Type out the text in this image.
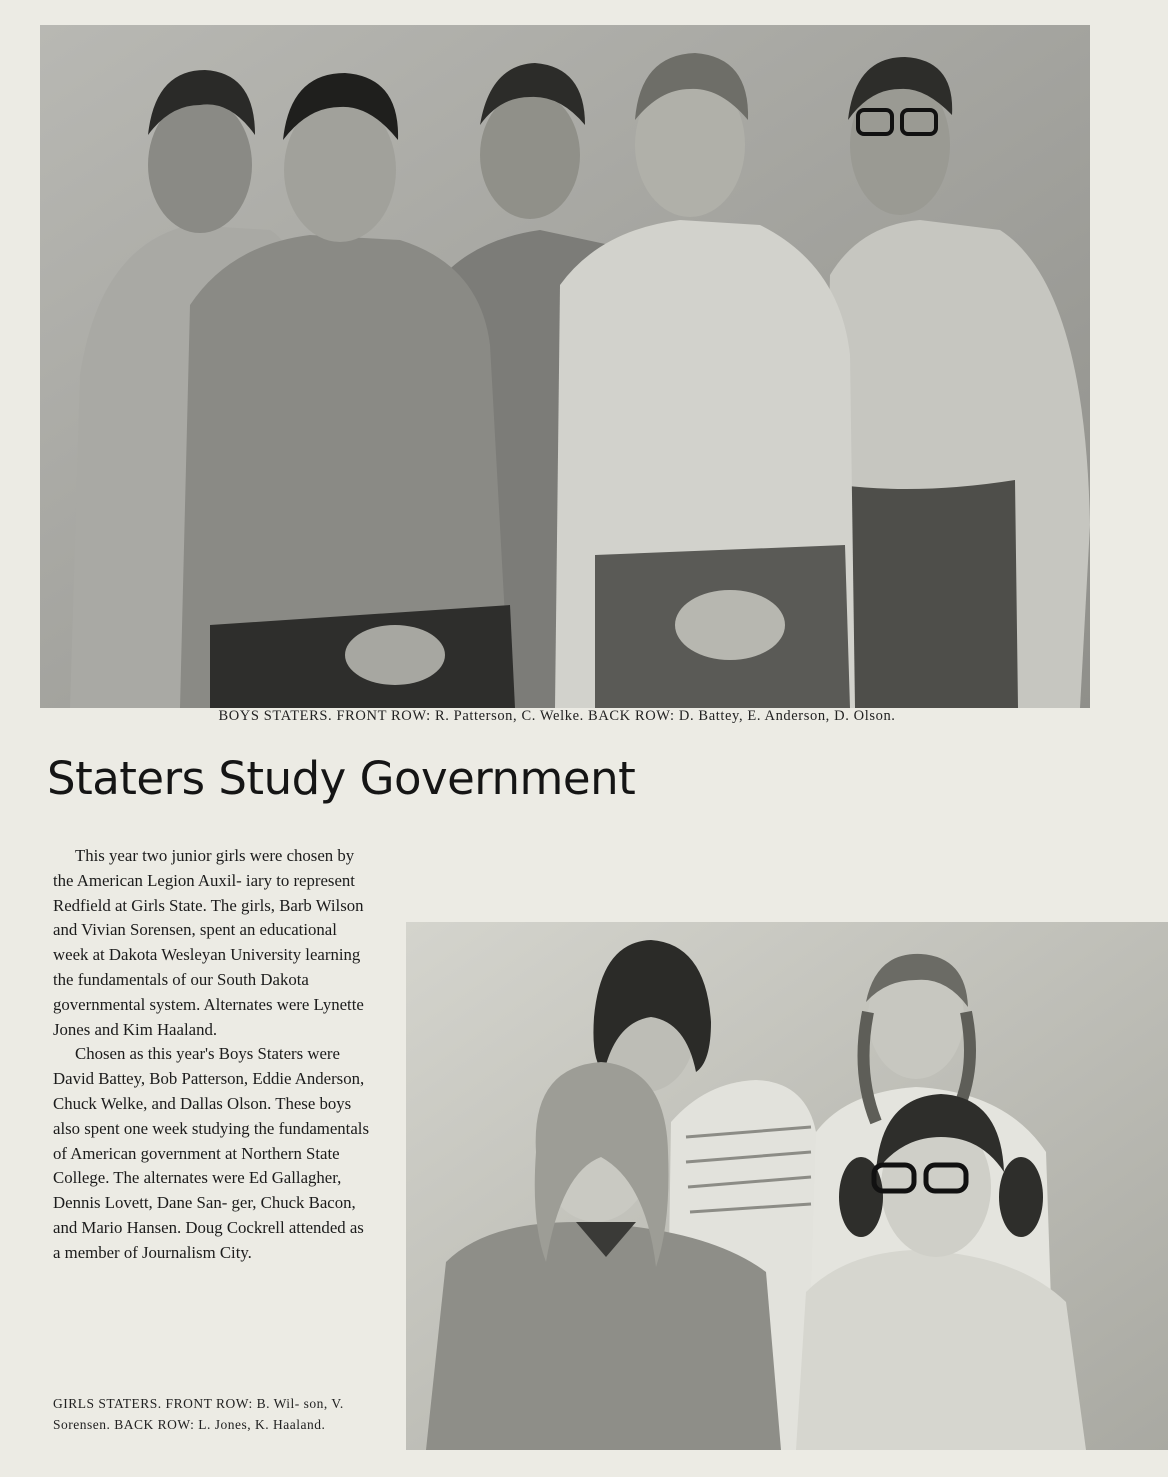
BOYS STATERS. FRONT ROW: R. Patterson, C. Welke. BACK ROW: D. Battey, E. Anderson, D. Olson.
Staters Study Government

This year two junior girls were chosen by the American Legion Auxil- iary to represent Redfield at Girls State. The girls, Barb Wilson and Vivian Sorensen, spent an educational week at Dakota Wesleyan University learning the fundamentals of our South Dakota governmental system. Alternates were Lynette Jones and Kim Haaland.

Chosen as this year's Boys Staters were David Battey, Bob Patterson, Eddie Anderson, Chuck Welke, and Dallas Olson. These boys also spent one week studying the fundamentals of American government at Northern State College. The alternates were Ed Gallagher, Dennis Lovett, Dane San- ger, Chuck Bacon, and Mario Hansen. Doug Cockrell attended as a member of Journalism City.

GIRLS STATERS. FRONT ROW: B. Wil- son, V. Sorensen. BACK ROW: L. Jones, K. Haaland.
